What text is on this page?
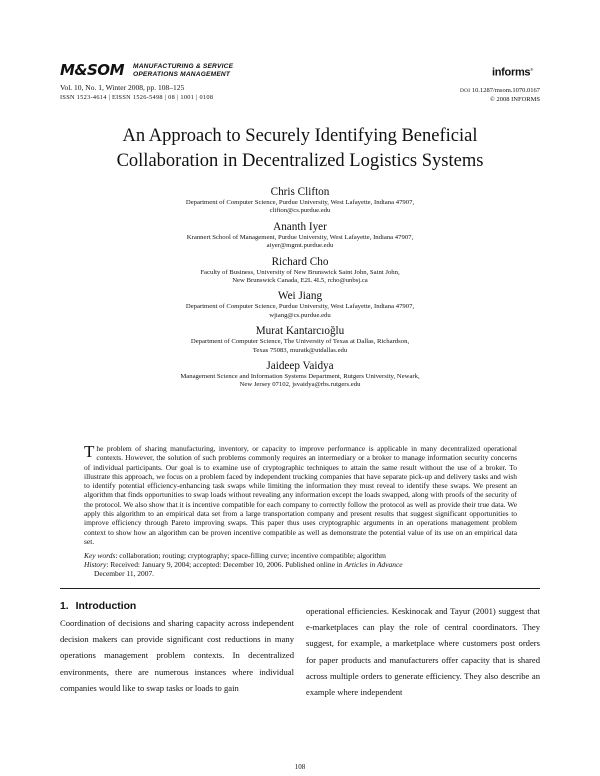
M&SOM	MANUFACTURING & SERVICE
OPERATIONS MANAGEMENT
Vol. 10, No. 1, Winter 2008, pp. 108–125
ISSN 1523-4614 | EISSN 1526-5498 | 08 | 1001 | 0108
informs®
DOI 10.1287/msom.1070.0167
© 2008 INFORMS
An Approach to Securely Identifying Beneficial
Collaboration in Decentralized Logistics Systems
Chris Clifton
Department of Computer Science, Purdue University, West Lafayette, Indiana 47907,
clifton@cs.purdue.edu
Ananth Iyer
Krannert School of Management, Purdue University, West Lafayette, Indiana 47907,
aiyer@mgmt.purdue.edu
Richard Cho
Faculty of Business, University of New Brunswick Saint John, Saint John,
New Brunswick Canada, E2L 4L5, rcho@unbsj.ca
Wei Jiang
Department of Computer Science, Purdue University, West Lafayette, Indiana 47907,
wjiang@cs.purdue.edu
Murat Kantarcıoğlu
Department of Computer Science, The University of Texas at Dallas, Richardson,
Texas 75083, muratk@utdallas.edu
Jaideep Vaidya
Management Science and Information Systems Department, Rutgers University, Newark,
New Jersey 07102, jsvaidya@rbs.rutgers.edu
The problem of sharing manufacturing, inventory, or capacity to improve performance is applicable in many decentralized operational contexts. However, the solution of such problems commonly requires an intermediary or a broker to manage information security concerns of individual participants. Our goal is to examine use of cryptographic techniques to attain the same result without the use of a broker. To illustrate this approach, we focus on a problem faced by independent trucking companies that have separate pick-up and delivery tasks and wish to identify potential efficiency-enhancing task swaps while limiting the information they must reveal to identify these swaps. We present an algorithm that finds opportunities to swap loads without revealing any information except the loads swapped, along with proofs of the security of the protocol. We also show that it is incentive compatible for each company to correctly follow the protocol as well as provide their true data. We apply this algorithm to an empirical data set from a large transportation company and present results that suggest significant opportunities to improve efficiency through Pareto improving swaps. This paper thus uses cryptographic arguments in an operations management problem context to show how an algorithm can be proven incentive compatible as well as demonstrate the potential value of its use on an empirical data set.
Key words: collaboration; routing; cryptography; space-filling curve; incentive compatible; algorithm
History: Received: January 9, 2004; accepted: December 10, 2006. Published online in Articles in Advance
December 11, 2007.
1. Introduction
Coordination of decisions and sharing capacity across independent decision makers can provide significant cost reductions in many operations management problem contexts. In decentralized environments, there are numerous instances where individual companies would like to swap tasks or loads to gain
operational efficiencies. Keskinocak and Tayur (2001) suggest that e-marketplaces can play the role of central coordinators. They suggest, for example, a marketplace where customers post orders for paper products and manufacturers offer capacity that is shared across multiple orders to generate efficiency. They also describe an example where independent
108
